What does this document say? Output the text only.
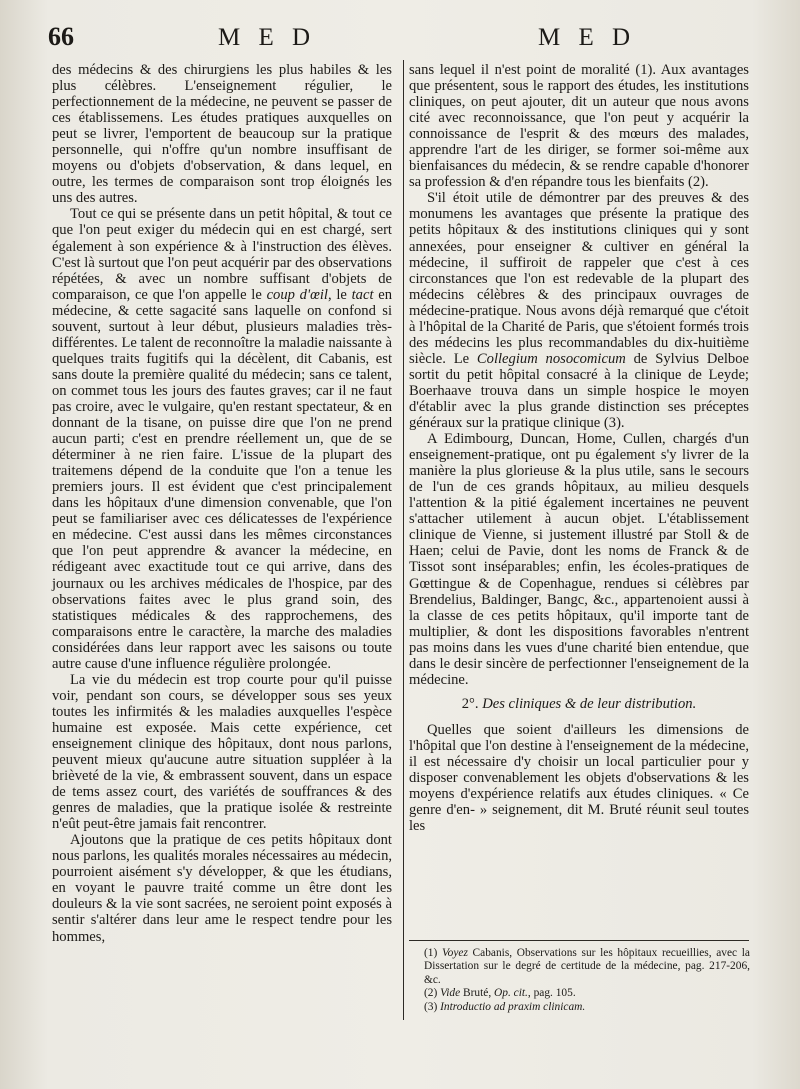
66	M E D	M E D

des médecins & des chirurgiens les plus habiles & les plus célèbres. L'enseignement régulier, le perfectionnement de la médecine, ne peuvent se passer de ces établissemens. Les études pratiques auxquelles on peut se livrer, l'emportent de beaucoup sur la pratique personnelle, qui n'offre qu'un nombre insuffisant de moyens ou d'objets d'observation, & dans lequel, en outre, les termes de comparaison sont trop éloignés les uns des autres.

Tout ce qui se présente dans un petit hôpital, & tout ce que l'on peut exiger du médecin qui en est chargé, sert également à son expérience & à l'instruction des élèves. C'est là surtout que l'on peut acquérir par des observations répétées, & avec un nombre suffisant d'objets de comparaison, ce que l'on appelle le coup d'œil, le tact en médecine, & cette sagacité sans laquelle on confond si souvent, surtout à leur début, plusieurs maladies très-différentes. Le talent de reconnoître la maladie naissante à quelques traits fugitifs qui la décèlent, dit Cabanis, est sans doute la première qualité du médecin; sans ce talent, on commet tous les jours des fautes graves; car il ne faut pas croire, avec le vulgaire, qu'en restant spectateur, & en donnant de la tisane, on puisse dire que l'on ne prend aucun parti; c'est en prendre réellement un, que de se déterminer à ne rien faire. L'issue de la plupart des traitemens dépend de la conduite que l'on a tenue les premiers jours. Il est évident que c'est principalement dans les hôpitaux d'une dimension convenable, que l'on peut se familiariser avec ces délicatesses de l'expérience en médecine. C'est aussi dans les mêmes circonstances que l'on peut apprendre & avancer la médecine, en rédigeant avec exactitude tout ce qui arrive, dans des journaux ou les archives médicales de l'hospice, par des observations faites avec le plus grand soin, des statistiques médicales & des rapprochemens, des comparaisons entre le caractère, la marche des maladies considérées dans leur rapport avec les saisons ou toute autre cause d'une influence régulière prolongée.

La vie du médecin est trop courte pour qu'il puisse voir, pendant son cours, se développer sous ses yeux toutes les infirmités & les maladies auxquelles l'espèce humaine est exposée. Mais cette expérience, cet enseignement clinique des hôpitaux, dont nous parlons, peuvent mieux qu'aucune autre situation suppléer à la brièveté de la vie, & embrassent souvent, dans un espace de tems assez court, des variétés de souffrances & des genres de maladies, que la pratique isolée & restreinte n'eût peut-être jamais fait rencontrer.

Ajoutons que la pratique de ces petits hôpitaux dont nous parlons, les qualités morales nécessaires au médecin, pourroient aisément s'y développer, & que les étudians, en voyant le pauvre traité comme un être dont les douleurs & la vie sont sacrées, ne seroient point exposés à sentir s'altérer dans leur ame le respect tendre pour les hommes,

sans lequel il n'est point de moralité (1). Aux avantages que présentent, sous le rapport des études, les institutions cliniques, on peut ajouter, dit un auteur que nous avons cité avec reconnoissance, que l'on peut y acquérir la connoissance de l'esprit & des mœurs des malades, apprendre l'art de les diriger, se former soi-même aux bienfaisances du médecin, & se rendre capable d'honorer sa profession & d'en répandre tous les bienfaits (2).

S'il étoit utile de démontrer par des preuves & des monumens les avantages que présente la pratique des petits hôpitaux & des institutions cliniques qui y sont annexées, pour enseigner & cultiver en général la médecine, il suffiroit de rappeler que c'est à ces circonstances que l'on est redevable de la plupart des médecins célèbres & des principaux ouvrages de médecine-pratique. Nous avons déjà remarqué que c'étoit à l'hôpital de la Charité de Paris, que s'étoient formés trois des médecins les plus recommandables du dix-huitième siècle. Le Collegium nosocomicum de Sylvius Delboe sortit du petit hôpital consacré à la clinique de Leyde; Boerhaave trouva dans un simple hospice le moyen d'établir avec la plus grande distinction ses préceptes généraux sur la pratique clinique (3).

A Edimbourg, Duncan, Home, Cullen, chargés d'un enseignement-pratique, ont pu également s'y livrer de la manière la plus glorieuse & la plus utile, sans le secours de l'un de ces grands hôpitaux, au milieu desquels l'attention & la pitié également incertaines ne peuvent s'attacher utilement à aucun objet. L'établissement clinique de Vienne, si justement illustré par Stoll & de Haen; celui de Pavie, dont les noms de Franck & de Tissot sont inséparables; enfin, les écoles-pratiques de Gœttingue & de Copenhague, rendues si célèbres par Brendelius, Baldinger, Bangc, &c., appartenoient aussi à la classe de ces petits hôpitaux, qu'il importe tant de multiplier, & dont les dispositions favorables n'entrent pas moins dans les vues d'une charité bien entendue, que dans le desir sincère de perfectionner l'enseignement de la médecine.

2°. Des cliniques & de leur distribution.

Quelles que soient d'ailleurs les dimensions de l'hôpital que l'on destine à l'enseignement de la médecine, il est nécessaire d'y choisir un local particulier pour y disposer convenablement les objets d'observations & les moyens d'expérience relatifs aux études cliniques. « Ce genre d'en- » seignement, dit M. Bruté réunit seul toutes les

(1) Voyez Cabanis, Observations sur les hôpitaux recueillies, avec la Dissertation sur le degré de certitude de la médecine, pag. 217-206, &c.

(2) Vide Bruté, Op. cit., pag. 105.

(3) Introductio ad praxim clinicam.
